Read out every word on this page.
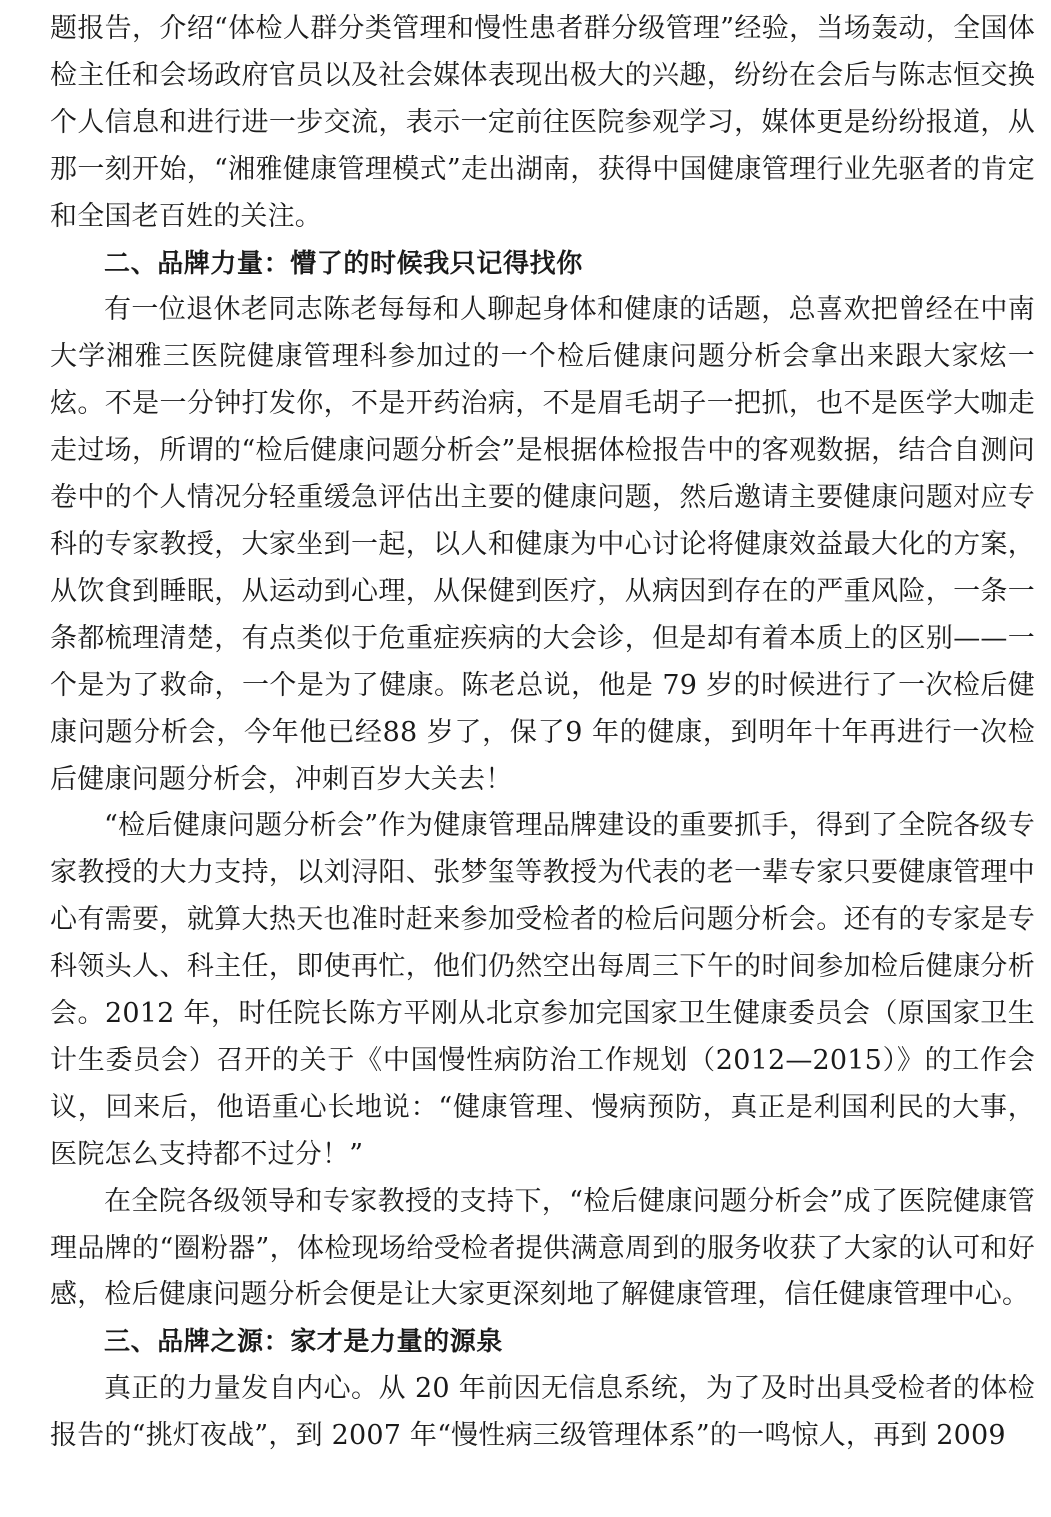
题报告，介绍“体检人群分类管理和慢性患者群分级管理”经验，当场轰动，全国体检主任和会场政府官员以及社会媒体表现出极大的兴趣，纷纷在会后与陈志恒交换个人信息和进行进一步交流，表示一定前往医院参观学习，媒体更是纷纷报道，从那一刻开始，“湘雅健康管理模式”走出湖南，获得中国健康管理行业先驱者的肯定和全国老百姓的关注。

二、品牌力量：懵了的时候我只记得找你

有一位退休老同志陈老每每和人聊起身体和健康的话题，总喜欢把曾经在中南大学湘雅三医院健康管理科参加过的一个检后健康问题分析会拿出来跟大家炫一炫。不是一分钟打发你，不是开药治病，不是眉毛胡子一把抓，也不是医学大咖走走过场，所谓的“检后健康问题分析会”是根据体检报告中的客观数据，结合自测问卷中的个人情况分轻重缓急评估出主要的健康问题，然后邀请主要健康问题对应专科的专家教授，大家坐到一起，以人和健康为中心讨论将健康效益最大化的方案，从饮食到睡眠，从运动到心理，从保健到医疗，从病因到存在的严重风险，一条一条都梳理清楚，有点类似于危重症疾病的大会诊，但是却有着本质上的区别——一个是为了救命，一个是为了健康。陈老总说，他是 79 岁的时候进行了一次检后健康问题分析会，今年他已经88 岁了，保了9 年的健康，到明年十年再进行一次检后健康问题分析会，冲刺百岁大关去！

“检后健康问题分析会”作为健康管理品牌建设的重要抓手，得到了全院各级专家教授的大力支持，以刘浔阳、张梦玺等教授为代表的老一辈专家只要健康管理中心有需要，就算大热天也准时赶来参加受检者的检后问题分析会。还有的专家是专科领头人、科主任，即使再忙，他们仍然空出每周三下午的时间参加检后健康分析会。2012 年，时任院长陈方平刚从北京参加完国家卫生健康委员会（原国家卫生计生委员会）召开的关于《中国慢性病防治工作规划（2012—2015）》的工作会议，回来后，他语重心长地说：“健康管理、慢病预防，真正是利国利民的大事，医院怎么支持都不过分！”

在全院各级领导和专家教授的支持下，“检后健康问题分析会”成了医院健康管理品牌的“圈粉器”，体检现场给受检者提供满意周到的服务收获了大家的认可和好感，检后健康问题分析会便是让大家更深刻地了解健康管理，信任健康管理中心。

三、品牌之源：家才是力量的源泉

真正的力量发自内心。从 20 年前因无信息系统，为了及时出具受检者的体检报告的“挑灯夜战”，到 2007 年“慢性病三级管理体系”的一鸣惊人，再到 2009
